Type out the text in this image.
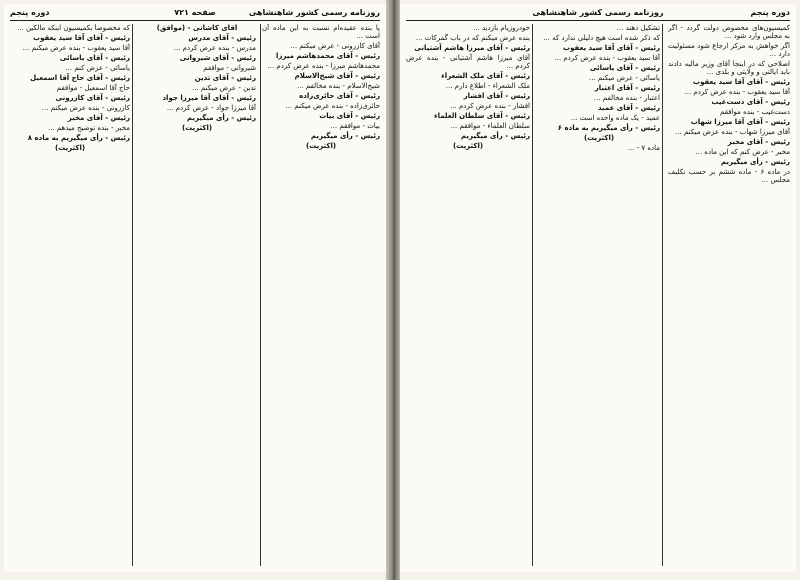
روزنامه رسمی کشور شاهنشاهی
صفحه ۷۲۱
دوره پنجم

پا بنده عقیده‌ام نسبت به این ماده آن است ...

آقای کازرونی - عرض میکنم ...

رئیس - آقای محمدهاشم میرزا

محمدهاشم میرزا - بنده عرض کردم ...

رئیس - آقای شیخ‌الاسلام

شیخ‌الاسلام - بنده مخالفم ...

رئیس - آقای حائری‌زاده

حائری‌زاده - بنده عرض میکنم ...

رئیس - آقای بیات

بیات - موافقم ...

رئیس - رأی میگیریم

(اکثریت)

آقای کاشانی - (موافق)

رئیس - آقای مدرس

مدرس - بنده عرض کردم ...

رئیس - آقای شیروانی

شیروانی - موافقم

رئیس - آقای تدین

تدین - عرض میکنم ...

رئیس - آقای آقا میرزا جواد

آقا میرزا جواد - عرض کردم ...

رئیس - رأی میگیریم

(اکثریت)

که مخصوصاً بکمیسیون اینکه مالکین ...

رئیس - آقای آقا سید یعقوب

آقا سید یعقوب - بنده عرض میکنم ...

رئیس - آقای یاسائی

یاسائی - عرض کنم ...

رئیس - آقای حاج آقا اسمعیل

حاج آقا اسمعیل - موافقم

رئیس - آقای کازرونی

کازرونی - بنده عرض میکنم ...

رئیس - آقای مخبر

مخبر - بنده توضیح میدهم ...

رئیس - رأی میگیریم به ماده ۸

(اکثریت)

دوره پنجم
روزنامه رسمی کشور شاهنشاهی

کمیسیون‌های مخصوص دولت گردد - اگر به مجلس وارد شود ...

اگر خواهش به مرکز ارجاع شود مسئولیت دارد ...

اصلاحی که در اینجا آقای وزیر مالیه دادند باید ایالتی و ولایتی و بلدی ...

رئیس - آقای آقا سید یعقوب

آقا سید یعقوب - بنده عرض کردم ...

رئیس - آقای دست‌غیب

دست‌غیب - بنده موافقم

رئیس - آقای آقا میرزا شهاب

آقای میرزا شهاب - بنده عرض میکنم ...

رئیس - آقای مخبر

مخبر - عرض کنم که این ماده ...

رئیس - رأی میگیریم

در ماده ۶ - ماده ششم بر حسب تکلیف مجلس ...

تشکیل دهند ...

که ذکر شده است هیچ دلیلی ندارد که ...

رئیس - آقای آقا سید یعقوب

آقا سید یعقوب - بنده عرض کردم ...

رئیس - آقای یاسائی

یاسائی - عرض میکنم ...

رئیس - آقای اعتبار

اعتبار - بنده مخالفم ...

رئیس - آقای عمید

عمید - یک ماده واحده است ...

رئیس - رأی میگیریم به ماده ۶

(اکثریت)

ماده ۷ - ...

خودروزیام بازدید ...

بنده عرض میکنم که در باب گمرکات ...

رئیس - آقای میرزا هاشم آشتیانی

آقای میرزا هاشم آشتیانی - بنده عرض کردم ...

رئیس - آقای ملک الشعراء

ملک الشعراء - اطلاع دارم ...

رئیس - آقای افشار

افشار - بنده عرض کردم ...

رئیس - آقای سلطان العلماء

سلطان العلماء - موافقم ...

رئیس - رأی میگیریم

(اکثریت)
